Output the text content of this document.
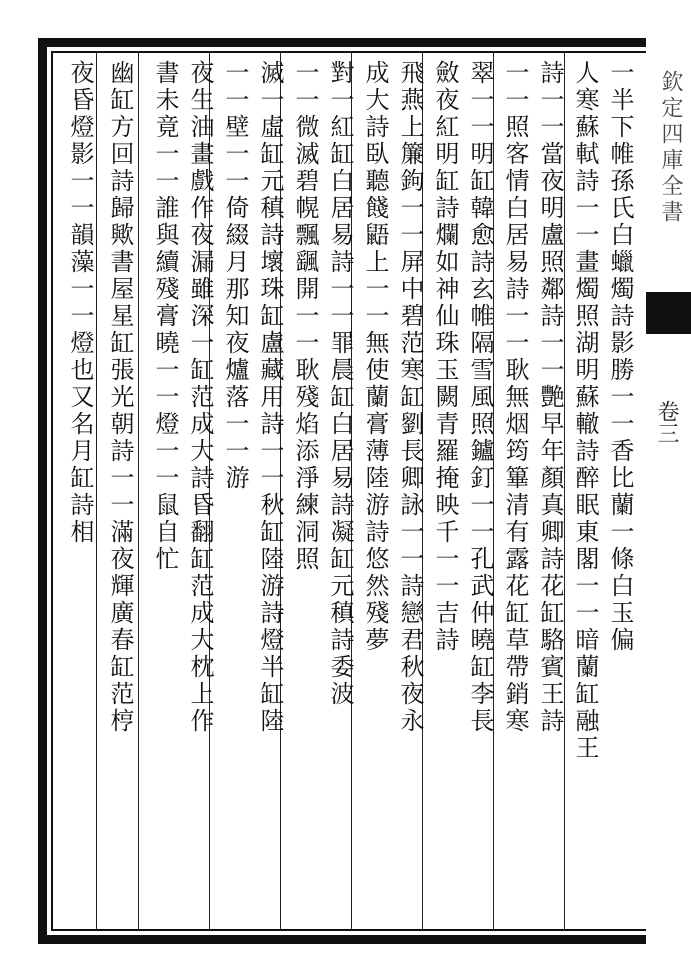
一半下帷孫氏白蠟燭詩影勝一一香比蘭一條白玉偏
人寒蘇軾詩一一畫燭照湖明蘇轍詩醉眠東閣一一暗蘭缸融王
詩一一當夜明盧照鄰詩一一艷早年顏真卿詩花缸駱賓王詩
一一照客情白居易詩一一耿無烟筠篳清有露花缸草帶銷寒
翠一一明缸韓愈詩玄帷隔雪風照鑪釘一一孔武仲曉缸李長
斂夜紅明缸詩爛如神仙珠玉闕青羅掩映千一一吉詩
飛燕上簾鉤一一屏中碧范寒缸劉長卿詠一一詩戀君秋夜永
成大詩臥聽餞鼯上一一無使蘭膏薄陸游詩悠然殘夢
對一紅缸白居易詩一一罪晨缸白居易詩凝缸元稹詩委波
一一微滅碧幌飄颻開一一耿殘焰添淨練洞照
滅一虛缸元稹詩壞珠缸盧藏用詩一一秋缸陸游詩燈半缸陸
一一壁一一倚綴月那知夜爐落一一游
夜生油畫戲作夜漏雖深一缸范成大詩昏翻缸范成大枕上作
書未竟一一誰與續殘膏曉一一燈一一鼠自忙
幽缸方回詩歸歟書屋星缸張光朝詩一一滿夜輝廣春缸范梈
夜昏燈影一一韻藻一一燈也又名月缸詩相	欽定四庫全書
卷三
